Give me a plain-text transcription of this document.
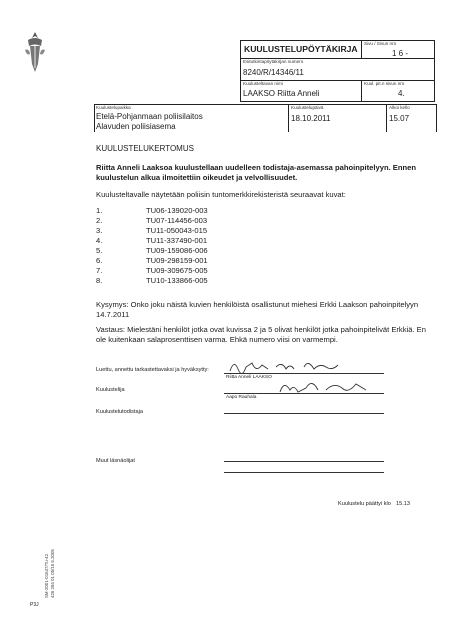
KUULUSTELUPÖYTÄKIRJA
Sivu / Sivun nro
1 6 -
Esitutkintapöytäkirjan numero
8240/R/14346/11
Kuulusteltavan nimi
LAAKSO Riitta Anneli
Kuul. pit.n sivun nro
4.
Kuulustelupaikka
Etelä-Pohjanmaan poliisilaitos
Alavuden poliisiasema
Kuulustelupäivä
18.10.2011
Alkoi kello
15.07
KUULUSTELUKERTOMUS
Riitta Anneli Laaksoa kuulustellaan uudelleen todistaja-asemassa pahoinpitelyyn. Ennen kuulustelun alkua ilmoitettiin oikeudet ja velvollisuudet.
Kuulusteltavalle näytetään poliisin tuntomerkkirekisteristä seuraavat kuvat:
1.	TU06-139020-003
2.	TU07-114456-003
3.	TU11-050043-015
4.	TU11-337490-001
5.	TU09-159086-006
6.	TU09-298159-001
7.	TU09-309675-005
8.	TU10-133866-005
Kysymys: Onko joku näistä kuvien henkilöistä osallistunut miehesi Erkki Laakson pahoinpitelyyn 14.7.2011
Vastaus: Mielestäni henkilöt jotka ovat kuvissa 2 ja 5 olivat henkilöt jotka pahoinpitelivät Erkkiä. En ole kuitenkaan salaprosenttisen varma. Ehkä numero viisi on varmempi.
Luettu, annettu tarkastettavaksi ja hyväksytty:
Riitta Anneli LAAKSO
Kuulustelija
Aapo Rauhala
Kuulustelutodistaja
Muut läsnäolijat
Kuulustelu päättyi klo 15.13
SM-2001-01637/Tu-42 426 284 01 05/15 6.2005
P3J
